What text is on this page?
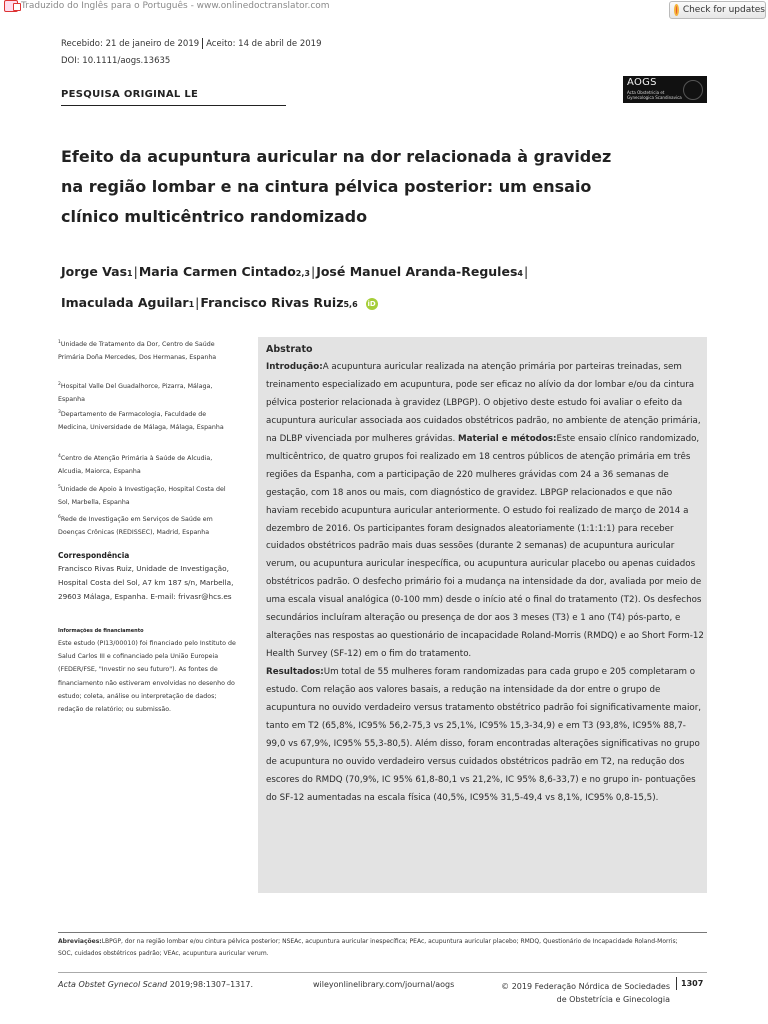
Traduzido do Inglês para o Português - www.onlinedoctranslator.com	Check for updates
Recebido: 21 de janeiro de 2019 Aceito: 14 de abril de 2019
DOI: 10.1111/aogs.13635
PESQUISA ORIGINAL LE
AOGS
Acta Obstetricia et Gynecologica Scandinavica
Efeito da acupuntura auricular na dor relacionada à gravidez na região lombar e na cintura pélvica posterior: um ensaio clínico multicêntrico randomizado
Jorge Vas1|Maria Carmen Cintado2,3|José Manuel Aranda-Regules4|
Imaculada Aguilar1|Francisco Rivas Ruiz5,6 iD
$^1$Unidade de Tratamento da Dor, Centro de Saúde Primária Doña Mercedes, Dos Hermanas, Espanha
$^2$Hospital Valle Del Guadalhorce, Pizarra, Málaga, Espanha
$^3$Departamento de Farmacologia, Faculdade de Medicina, Universidade de Málaga, Málaga, Espanha
$^4$Centro de Atenção Primária à Saúde de Alcudia, Alcudia, Maiorca, Espanha
$^5$Unidade de Apoio à Investigação, Hospital Costa del Sol, Marbella, Espanha
$^6$Rede de Investigação em Serviços de Saúde em Doenças Crônicas (REDISSEC), Madrid, Espanha
Correspondência
Francisco Rivas Ruiz, Unidade de Investigação, Hospital Costa del Sol, A7 km 187 s/n, Marbella, 29603 Málaga, Espanha. E-mail: frivasr@hcs.es
Informações de financiamento
Este estudo (PI13/00010) foi financiado pelo Instituto de Salud Carlos III e cofinanciado pela União Europeia (FEDER/FSE, "Investir no seu futuro"). As fontes de financiamento não estiveram envolvidas no desenho do estudo; coleta, análise ou interpretação de dados; redação de relatório; ou submissão.
Abstrato
Introdução:A acupuntura auricular realizada na atenção primária por parteiras treinadas, sem treinamento especializado em acupuntura, pode ser eficaz no alívio da dor lombar e/ou da cintura pélvica posterior relacionada à gravidez (LBPGP). O objetivo deste estudo foi avaliar o efeito da acupuntura auricular associada aos cuidados obstétricos padrão, no ambiente de atenção primária, na DLBP vivenciada por mulheres grávidas. Material e métodos:Este ensaio clínico randomizado, multicêntrico, de quatro grupos foi realizado em 18 centros públicos de atenção primária em três regiões da Espanha, com a participação de 220 mulheres grávidas com 24 a 36 semanas de gestação, com 18 anos ou mais, com diagnóstico de gravidez. LBPGP relacionados e que não haviam recebido acupuntura auricular anteriormente. O estudo foi realizado de março de 2014 a dezembro de 2016. Os participantes foram designados aleatoriamente (1:1:1:1) para receber cuidados obstétricos padrão mais duas sessões (durante 2 semanas) de acupuntura auricular verum, ou acupuntura auricular inespecífica, ou acupuntura auricular placebo ou apenas cuidados obstétricos padrão. O desfecho primário foi a mudança na intensidade da dor, avaliada por meio de uma escala visual analógica (0-100 mm) desde o início até o final do tratamento (T2). Os desfechos secundários incluíram alteração ou presença de dor aos 3 meses (T3) e 1 ano (T4) pós-parto, e alterações nas respostas ao questionário de incapacidade Roland-Morris (RMDQ) e ao Short Form-12 Health Survey (SF-12) em o fim do tratamento.
Resultados:Um total de 55 mulheres foram randomizadas para cada grupo e 205 completaram o estudo. Com relação aos valores basais, a redução na intensidade da dor entre o grupo de acupuntura no ouvido verdadeiro versus tratamento obstétrico padrão foi significativamente maior, tanto em T2 (65,8%, IC95% 56,2-75,3 vs 25,1%, IC95% 15,3-34,9) e em T3 (93,8%, IC95% 88,7-99,0 vs 67,9%, IC95% 55,3-80,5). Além disso, foram encontradas alterações significativas no grupo de acupuntura no ouvido verdadeiro versus cuidados obstétricos padrão em T2, na redução dos escores do RMDQ (70,9%, IC 95% 61,8-80,1 vs 21,2%, IC 95% 8,6-33,7) e no grupo in- pontuações do SF-12 aumentadas na escala física (40,5%, IC95% 31,5-49,4 vs 8,1%, IC95% 0,8-15,5).
Abreviações:LBPGP, dor na região lombar e/ou cintura pélvica posterior; NSEAc, acupuntura auricular inespecífica; PEAc, acupuntura auricular placebo; RMDQ, Questionário de Incapacidade Roland-Morris; SOC, cuidados obstétricos padrão; VEAc, acupuntura auricular verum.
Acta Obstet Gynecol Scand 2019;98:1307–1317.	wileyonlinelibrary.com/journal/aogs	© 2019 Federação Nórdica de Sociedades de Obstetrícia e Ginecologia
1307
